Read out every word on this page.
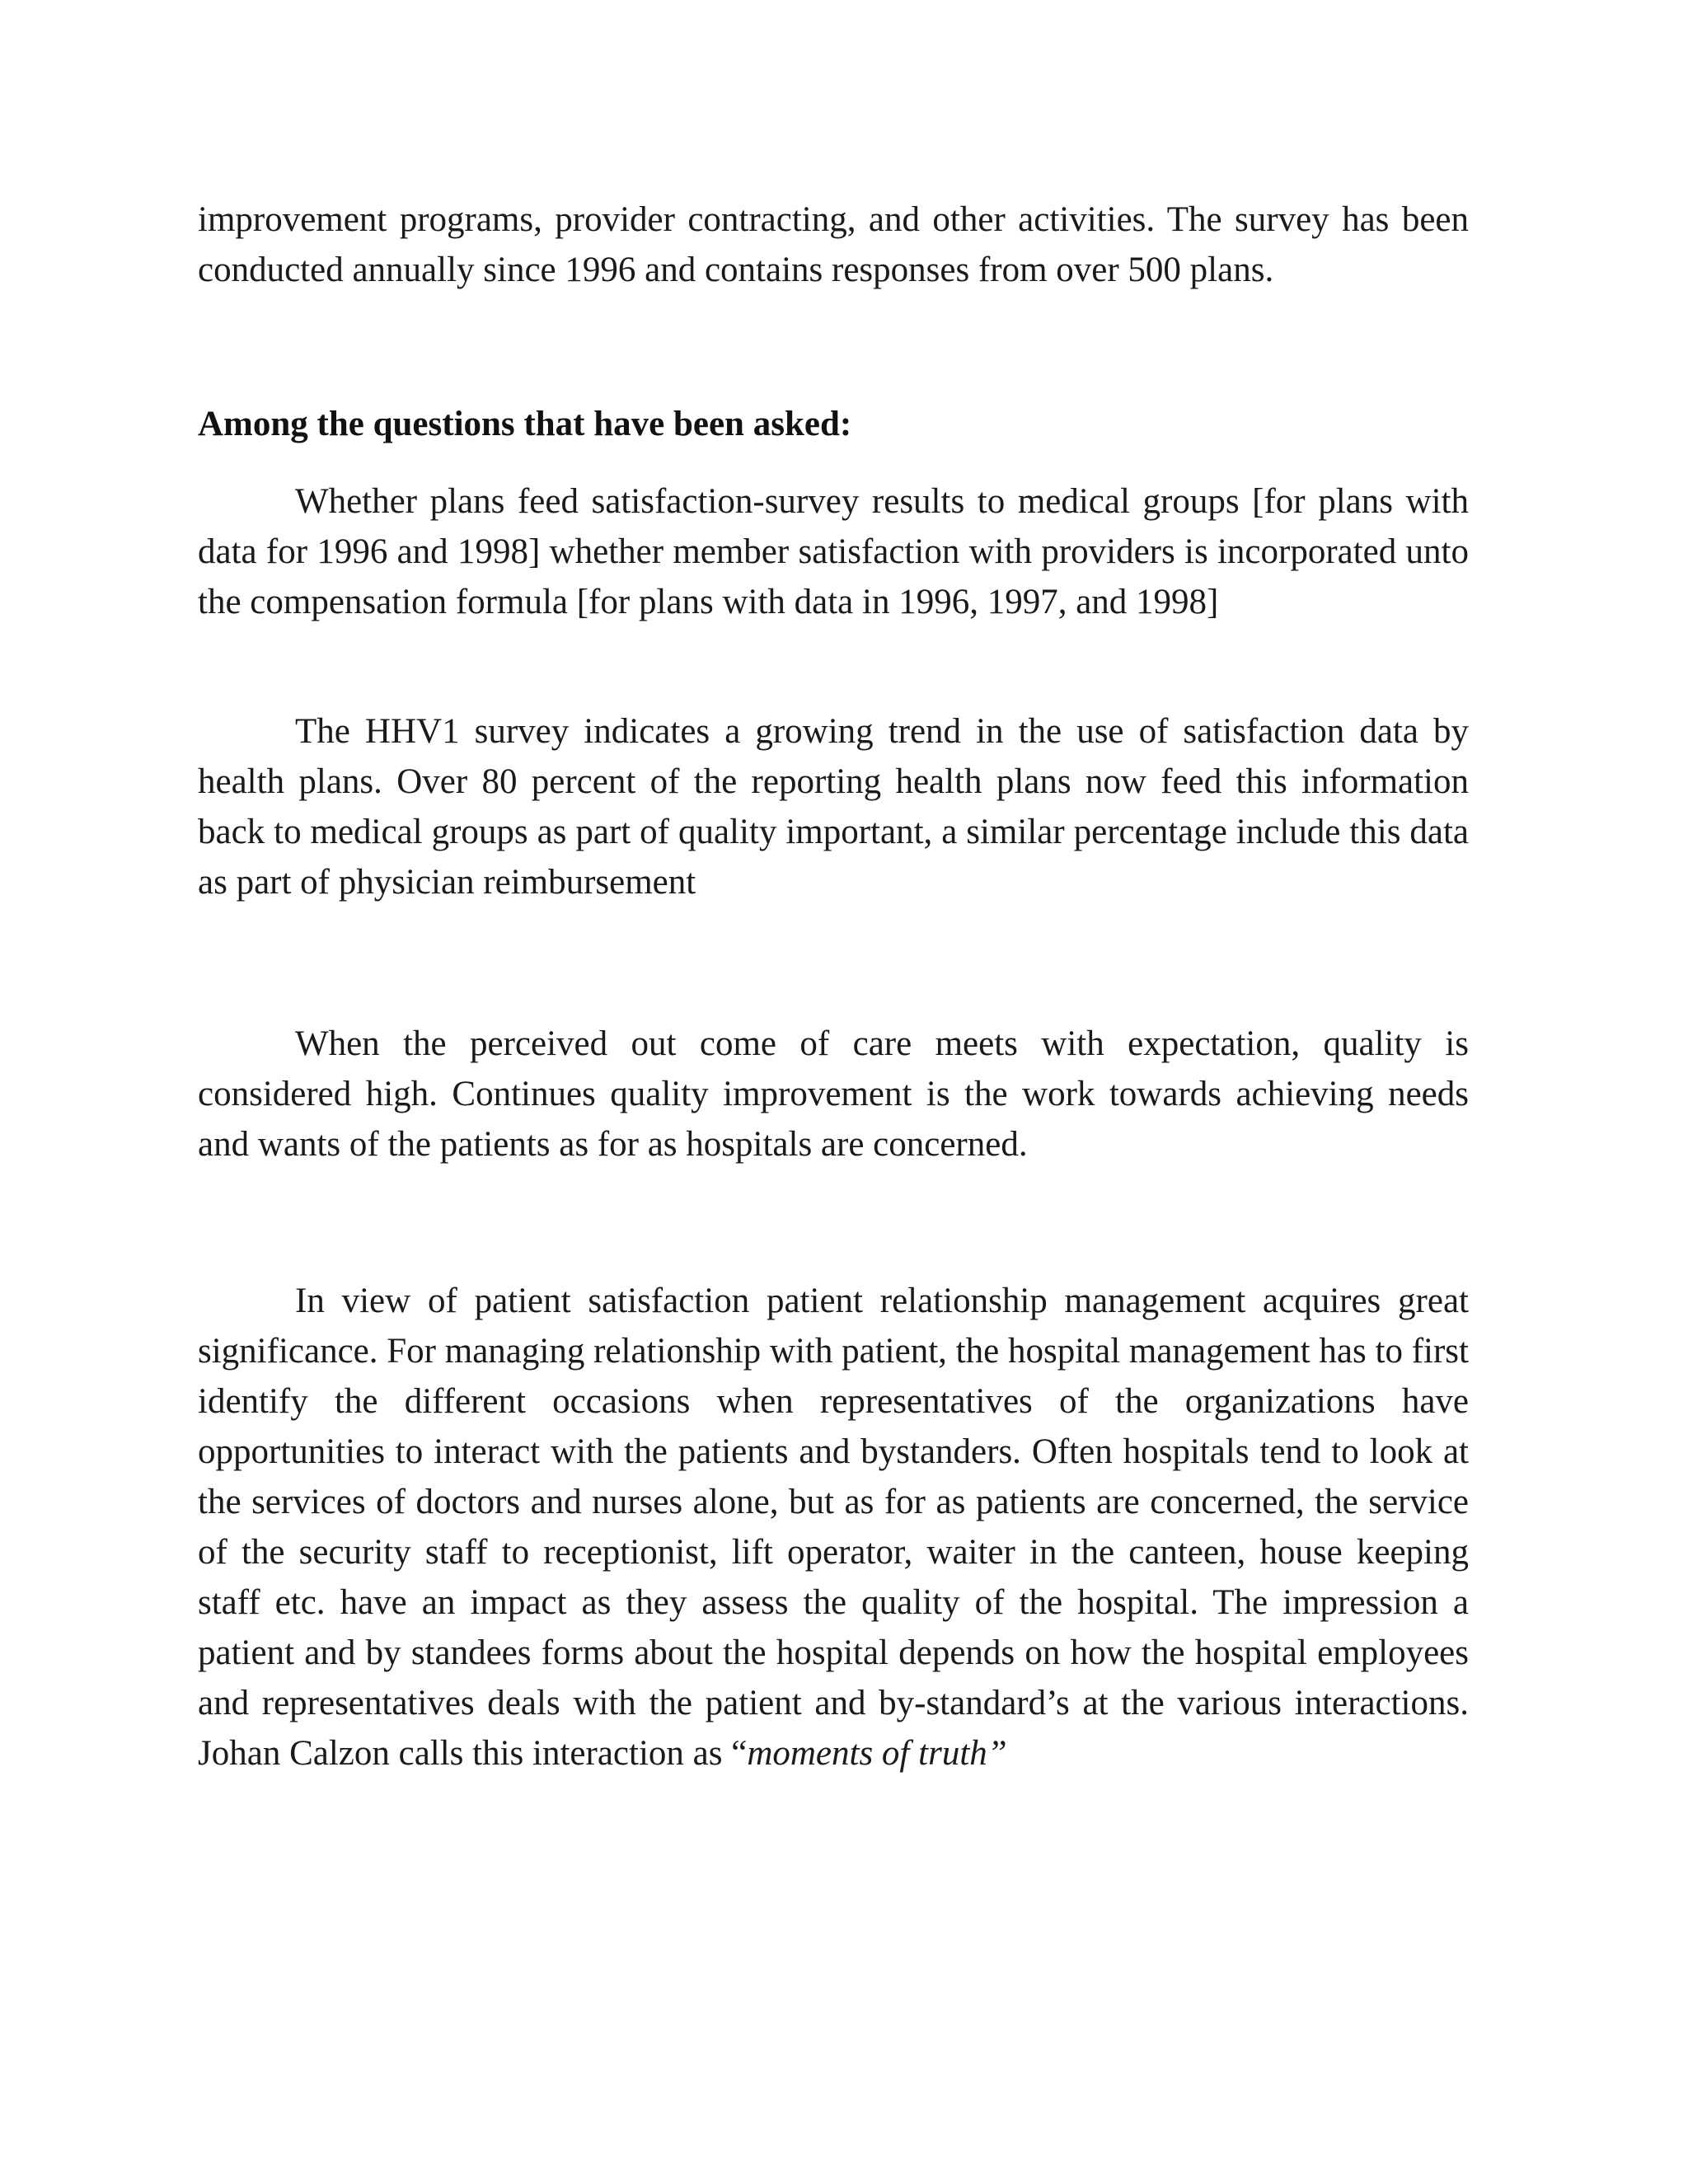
improvement programs, provider contracting, and other activities. The survey has been conducted annually since 1996 and contains responses from over 500 plans.

Among the questions that have been asked:

Whether plans feed satisfaction-survey results to medical groups [for plans with data for 1996 and 1998] whether member satisfaction with providers is incorporated unto the compensation formula [for plans with data in 1996, 1997, and 1998]

The HHV1 survey indicates a growing trend in the use of satisfaction data by health plans. Over 80 percent of the reporting health plans now feed this information back to medical groups as part of quality important, a similar percentage include this data as part of physician reimbursement

When the perceived out come of care meets with expectation, quality is considered high. Continues quality improvement is the work towards achieving needs and wants of the patients as for as hospitals are concerned.

In view of patient satisfaction patient relationship management acquires great significance. For managing relationship with patient, the hospital management has to first identify the different occasions when representatives of the organizations have opportunities to interact with the patients and bystanders. Often hospitals tend to look at the services of doctors and nurses alone, but as for as patients are concerned, the service of the security staff to receptionist, lift operator, waiter in the canteen, house keeping staff etc. have an impact as they assess the quality of the hospital. The impression a patient and by standees forms about the hospital depends on how the hospital employees and representatives deals with the patient and by-standard’s at the various interactions. Johan Calzon calls this interaction as “moments of truth”
